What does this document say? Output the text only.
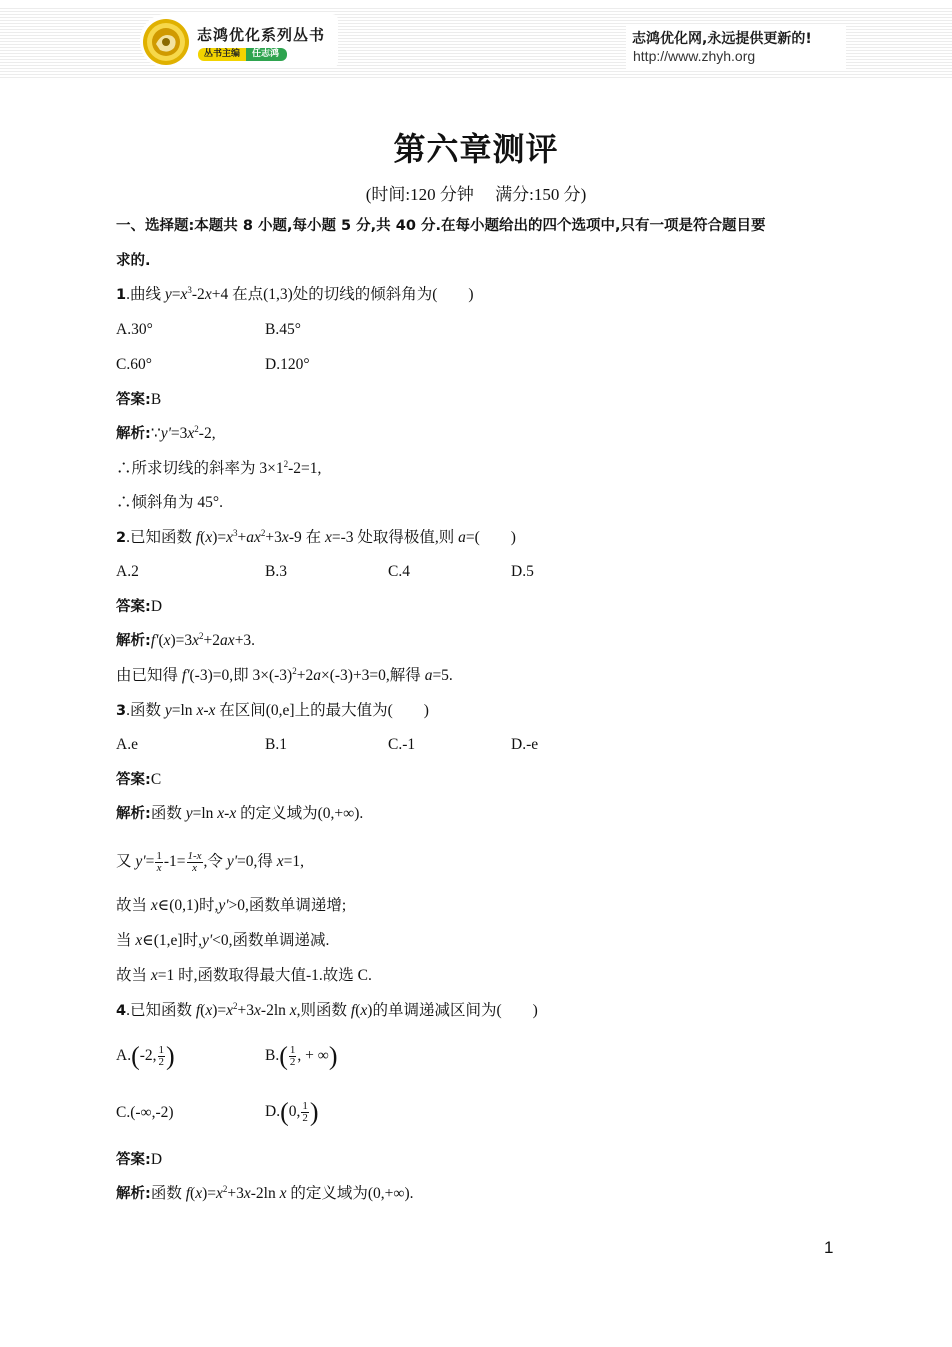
志鸿优化系列丛书
丛书主编	任志鸿
志鸿优化网,永远提供更新的!
http://www.zhyh.org
第六章测评
(时间:120 分钟　 满分:150 分)
一、选择题:本题共 8 小题,每小题 5 分,共 40 分.在每小题给出的四个选项中,只有一项是符合题目要
求的.
1.曲线 $y=x^3-2x+4$ 在点(1,3)处的切线的倾斜角为(　　)
A.30°	B.45°
C.60°	D.120°
答案:B
解析$:\because y'=3x^2-2$,
∴所求切线的斜率为 $3\times 1^2-2=1$,
∴倾斜角为 45°.
2.已知函数 $f(x)=x^3+ax^2+3x-9$ 在 x=-3 处取得极值,则 a=(　　)
A.2	B.3	C.4	D.5
答案:D
解析$:f'(x)=3x^2+2ax+3$.
由已知得 f'(-3)=0,即 $3\times(-3)^2+2a\times(-3)+3=0$,解得 a=5.
3.函数 y=ln x-x 在区间(0,e]上的最大值为(　　)
A.e	B.1	C.-1	D.-e
答案:C
解析:函数 y=ln x-x 的定义域为(0,+∞).
又 $y'= \frac{1}{x} -1= \frac{1-x}{x}$ ,令 y'=0,得 x=1,
故当 x∈(0,1)时,y'>0,函数单调递增;
当 x∈(1,e]时,y'<0,函数单调递减.
故当 x=1 时,函数取得最大值-1.故选 C.
4.已知函数 $f(x)=x^2+3x-2\ln$ x,则函数 f(x)的单调递减区间为(　　)
A.(-2, $\frac{1}{2}$ )	$B.( \frac{1}{2}$ , + ∞)
C.(-∞,-2)	D.(0, $\frac{1}{2}$ )
答案:D
解析:函数 $f(x)=x^2+3x-2\ln$ x 的定义域为(0,+∞).
1
